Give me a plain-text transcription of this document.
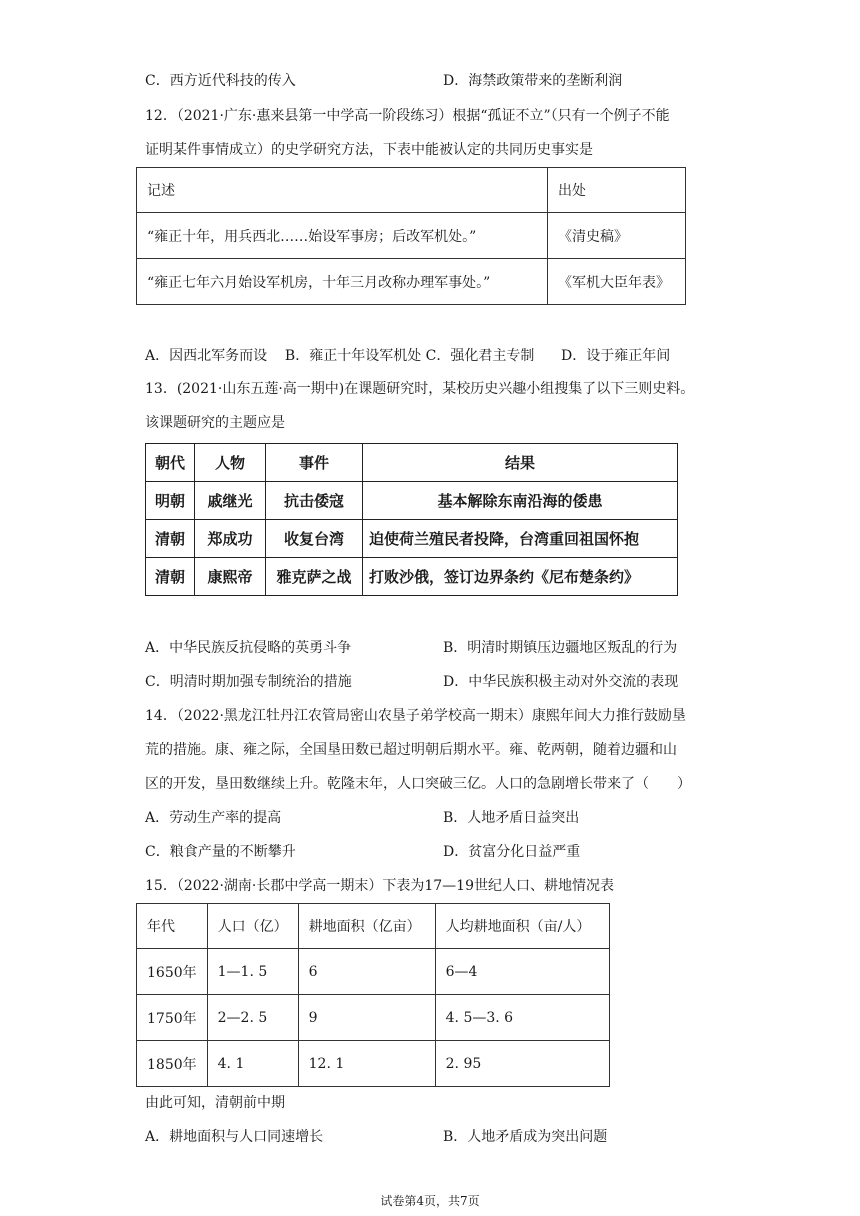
C．西方近代科技的传入	D．海禁政策带来的垄断利润
12．（2021·广东·惠来县第一中学高一阶段练习）根据“孤证不立”（只有一个例子不能
证明某件事情成立）的史学研究方法，下表中能被认定的共同历史事实是
记述	出处
“雍正十年，用兵西北……始设军事房；后改军机处。”	《清史稿》
“雍正七年六月始设军机房，十年三月改称办理军事处。”	《军机大臣年表》
A．因西北军务而设    B．雍正十年设军机处 C．强化君主专制      D．设于雍正年间
13．(2021·山东五莲·高一期中)在课题研究时，某校历史兴趣小组搜集了以下三则史料。
该课题研究的主题应是
朝代	人物	事件	结果
明朝	戚继光	抗击倭寇	基本解除东南沿海的倭患
清朝	郑成功	收复台湾	迫使荷兰殖民者投降，台湾重回祖国怀抱
清朝	康熙帝	雅克萨之战	打败沙俄，签订边界条约《尼布楚条约》
A．中华民族反抗侵略的英勇斗争	B．明清时期镇压边疆地区叛乱的行为
C．明清时期加强专制统治的措施	D．中华民族积极主动对外交流的表现
14．（2022·黑龙江牡丹江农管局密山农垦子弟学校高一期末）康熙年间大力推行鼓励垦
荒的措施。康、雍之际，全国垦田数已超过明朝后期水平。雍、乾两朝，随着边疆和山
区的开发，垦田数继续上升。乾隆末年，人口突破三亿。人口的急剧增长带来了（　　）
A．劳动生产率的提高	B．人地矛盾日益突出
C．粮食产量的不断攀升	D．贫富分化日益严重
15．（2022·湖南·长郡中学高一期末）下表为17—19世纪人口、耕地情况表
年代	人口（亿）	耕地面积（亿亩）	人均耕地面积（亩/人）
1650年	1—1. 5	6	6—4
1750年	2—2. 5	9	4. 5—3. 6
1850年	4. 1	12. 1	2. 95
由此可知，清朝前中期
A．耕地面积与人口同速增长	B．人地矛盾成为突出问题
试卷第4页，共7页
